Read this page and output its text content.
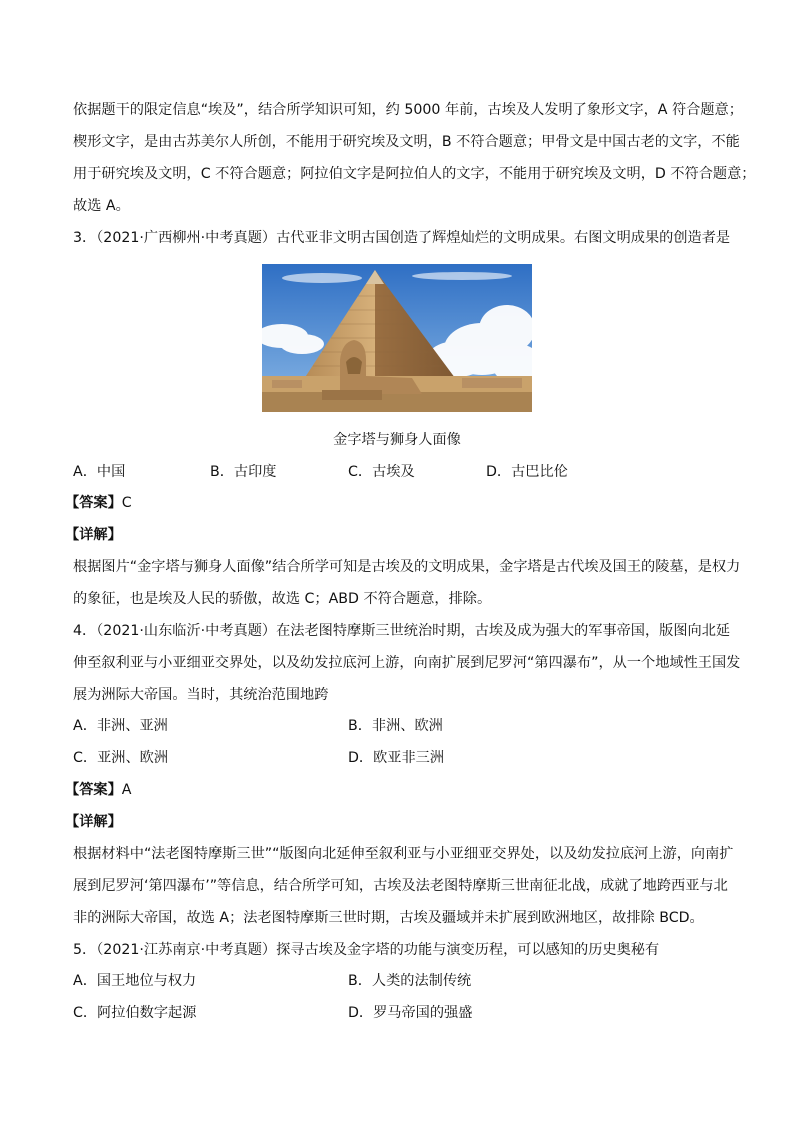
依据题干的限定信息“埃及”，结合所学知识可知，约 5000 年前，古埃及人发明了象形文字，A 符合题意；
楔形文字，是由古苏美尔人所创，不能用于研究埃及文明，B 不符合题意；甲骨文是中国古老的文字，不能
用于研究埃及文明，C 不符合题意；阿拉伯文字是阿拉伯人的文字，不能用于研究埃及文明，D 不符合题意；
故选 A。
3．（2021·广西柳州·中考真题）古代亚非文明古国创造了辉煌灿烂的文明成果。右图文明成果的创造者是
金字塔与狮身人面像
A．中国	B．古印度	C．古埃及	D．古巴比伦
【答案】C
【详解】
根据图片“金字塔与狮身人面像”结合所学可知是古埃及的文明成果，金字塔是古代埃及国王的陵墓，是权力
的象征，也是埃及人民的骄傲，故选 C；ABD 不符合题意，排除。
4．（2021·山东临沂·中考真题）在法老图特摩斯三世统治时期，古埃及成为强大的军事帝国，版图向北延
伸至叙利亚与小亚细亚交界处，以及幼发拉底河上游，向南扩展到尼罗河“第四瀑布”，从一个地域性王国发
展为洲际大帝国。当时，其统治范围地跨
A．非洲、亚洲	B．非洲、欧洲
C．亚洲、欧洲	D．欧亚非三洲
【答案】A
【详解】
根据材料中“法老图特摩斯三世”“版图向北延伸至叙利亚与小亚细亚交界处，以及幼发拉底河上游，向南扩
展到尼罗河‘第四瀑布’”等信息，结合所学可知，古埃及法老图特摩斯三世南征北战，成就了地跨西亚与北
非的洲际大帝国，故选 A；法老图特摩斯三世时期，古埃及疆域并未扩展到欧洲地区，故排除 BCD。
5．（2021·江苏南京·中考真题）探寻古埃及金字塔的功能与演变历程，可以感知的历史奥秘有
A．国王地位与权力	B．人类的法制传统
C．阿拉伯数字起源	D．罗马帝国的强盛
